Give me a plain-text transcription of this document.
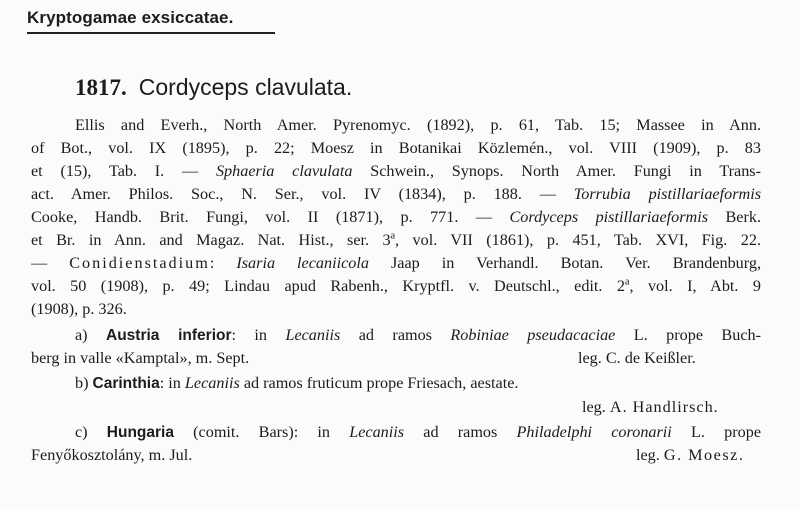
Kryptogamae exsiccatae.
1817. Cordyceps clavulata.
Ellis and Everh., North Amer. Pyrenomyc. (1892), p. 61, Tab. 15; Massee in Ann.
of Bot., vol. IX (1895), p. 22; Moesz in Botanikai Közlemén., vol. VIII (1909), p. 83
et (15), Tab. I. — Sphaeria clavulata Schwein., Synops. North Amer. Fungi in Trans-
act. Amer. Philos. Soc., N. Ser., vol. IV (1834), p. 188. — Torrubia pistillariaeformis
Cooke, Handb. Brit. Fungi, vol. II (1871), p. 771. — Cordyceps pistillariaeformis Berk.
et Br. in Ann. and Magaz. Nat. Hist., ser. 3$^a$, vol. VII (1861), p. 451, Tab. XVI, Fig. 22.
— Conidienstadium: Isaria lecaniicola Jaap in Verhandl. Botan. Ver. Brandenburg,
vol. 50 (1908), p. 49; Lindau apud Rabenh., Kryptfl. v. Deutschl., edit. 2$^a$, vol. I, Abt. 9
(1908), p. 326.
a) Austria inferior: in Lecaniis ad ramos Robiniae pseudacaciae L. prope Buch-
berg in valle «Kamptal», m. Sept.	leg. C. de Keißler.
b) Carinthia: in Lecaniis ad ramos fruticum prope Friesach, aestate.
leg. A. Handlirsch.
c) Hungaria (comit. Bars): in Lecaniis ad ramos Philadelphi coronarii L. prope
Fenyőkosztolány, m. Jul.	leg. G. Moesz.
